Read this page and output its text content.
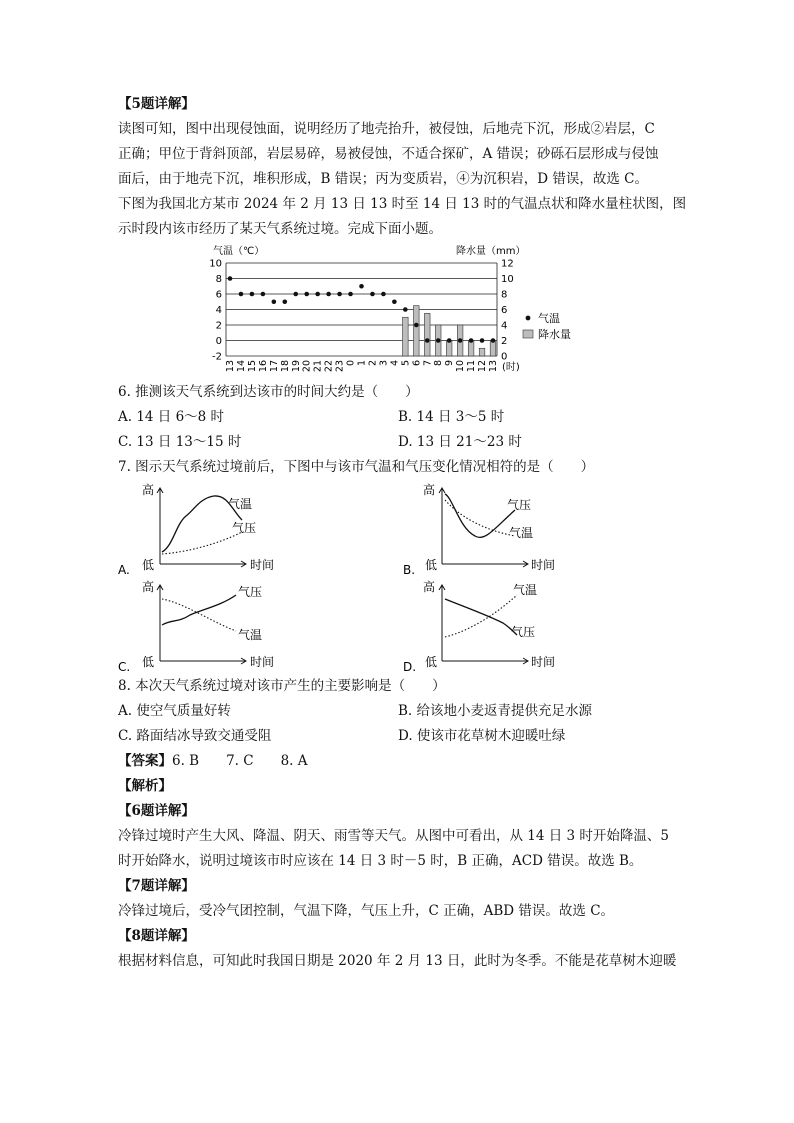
【5题详解】
读图可知，图中出现侵蚀面，说明经历了地壳抬升，被侵蚀，后地壳下沉，形成②岩层，C
正确；甲位于背斜顶部，岩层易碎，易被侵蚀，不适合探矿，A 错误；砂砾石层形成与侵蚀
面后，由于地壳下沉，堆积形成，B 错误；丙为变质岩，④为沉积岩，D 错误，故选 C。
下图为我国北方某市 2024 年 2 月 13 日 13 时至 14 日 13 时的气温点状和降水量柱状图，图
示时段内该市经历了某天气系统过境。完成下面小题。
气温（℃）	降水量（mm）
10
8
6
4
2
0
-2
12
10
8
6
4
2
0
13 14 15 16 17 18 19 20 21 22 23 0 1 2 3 4 5 6 7 8 9 10 11 12 13 (时)
气温
降水量
6. 推测该天气系统到达该市的时间大约是（　　）
A. 14 日 6～8 时	B. 14 日 3～5 时
C. 13 日 13～15 时	D. 13 日 21～23 时
7. 图示天气系统过境前后，下图中与该市气温和气压变化情况相符的是（　　）
A.
高
低	时间
气温
气压
B.
高
低	时间
气压
气温
C.
高
低	时间
气压
气温
D.
高
低	时间
气温
气压
8. 本次天气系统过境对该市产生的主要影响是（　　）
A. 使空气质量好转	B. 给该地小麦返青提供充足水源
C. 路面结冰导致交通受阻	D. 使该市花草树木迎暖吐绿
【答案】6. B　　7. C　　8. A
【解析】
【6题详解】
冷锋过境时产生大风、降温、阴天、雨雪等天气。从图中可看出，从 14 日 3 时开始降温、5
时开始降水，说明过境该市时应该在 14 日 3 时－5 时，B 正确，ACD 错误。故选 B。
【7题详解】
冷锋过境后，受冷气团控制，气温下降，气压上升，C 正确，ABD 错误。故选 C。
【8题详解】
根据材料信息，可知此时我国日期是 2020 年 2 月 13 日，此时为冬季。不能是花草树木迎暖
